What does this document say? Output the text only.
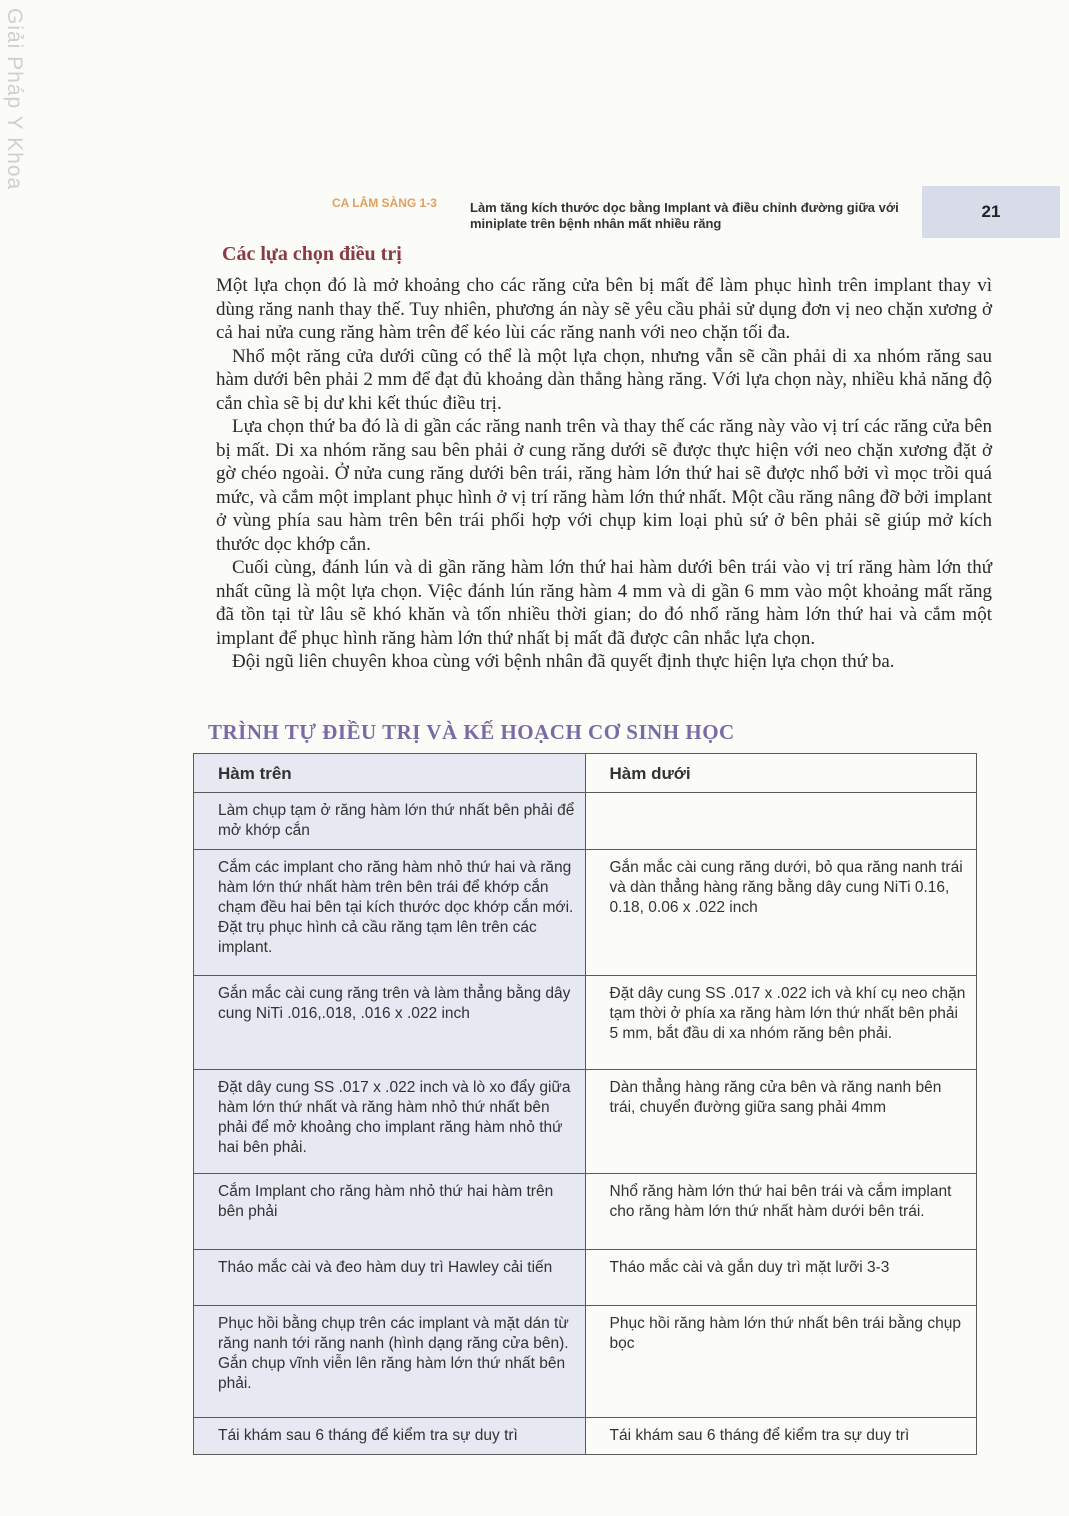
Giải Pháp Y Khoa
CA LÂM SÀNG 1-3	Làm tăng kích thước dọc bằng Implant và điều chỉnh đường giữa với miniplate trên bệnh nhân mất nhiều răng
21
Các lựa chọn điều trị

Một lựa chọn đó là mở khoảng cho các răng cửa bên bị mất để làm phục hình trên implant thay vì dùng răng nanh thay thế. Tuy nhiên, phương án này sẽ yêu cầu phải sử dụng đơn vị neo chặn xương ở cả hai nửa cung răng hàm trên để kéo lùi các răng nanh với neo chặn tối đa.

Nhổ một răng cửa dưới cũng có thể là một lựa chọn, nhưng vẫn sẽ cần phải di xa nhóm răng sau hàm dưới bên phải 2 mm để đạt đủ khoảng dàn thẳng hàng răng. Với lựa chọn này, nhiều khả năng độ cắn chìa sẽ bị dư khi kết thúc điều trị.

Lựa chọn thứ ba đó là di gần các răng nanh trên và thay thế các răng này vào vị trí các răng cửa bên bị mất. Di xa nhóm răng sau bên phải ở cung răng dưới sẽ được thực hiện với neo chặn xương đặt ở gờ chéo ngoài. Ở nửa cung răng dưới bên trái, răng hàm lớn thứ hai sẽ được nhổ bởi vì mọc trồi quá mức, và cắm một implant phục hình ở vị trí răng hàm lớn thứ nhất. Một cầu răng nâng đỡ bởi implant ở vùng phía sau hàm trên bên trái phối hợp với chụp kim loại phủ sứ ở bên phải sẽ giúp mở kích thước dọc khớp cắn.

Cuối cùng, đánh lún và di gần răng hàm lớn thứ hai hàm dưới bên trái vào vị trí răng hàm lớn thứ nhất cũng là một lựa chọn. Việc đánh lún răng hàm 4 mm và di gần 6 mm vào một khoảng mất răng đã tồn tại từ lâu sẽ khó khăn và tốn nhiều thời gian; do đó nhổ răng hàm lớn thứ hai và cắm một implant để phục hình răng hàm lớn thứ nhất bị mất đã được cân nhắc lựa chọn.

Đội ngũ liên chuyên khoa cùng với bệnh nhân đã quyết định thực hiện lựa chọn thứ ba.

TRÌNH TỰ ĐIỀU TRỊ VÀ KẾ HOẠCH CƠ SINH HỌC
Hàm trên	Hàm dưới
Làm chụp tạm ở răng hàm lớn thứ nhất bên phải để mở khớp cắn	
Cắm các implant cho răng hàm nhỏ thứ hai và răng hàm lớn thứ nhất hàm trên bên trái để khớp cắn chạm đều hai bên tại kích thước dọc khớp cắn mới. Đặt trụ phục hình cả cầu răng tạm lên trên các implant.	Gắn mắc cài cung răng dưới, bỏ qua răng nanh trái và dàn thẳng hàng răng bằng dây cung NiTi 0.16, 0.18, 0.06 x .022 inch
Gắn mắc cài cung răng trên và làm thẳng bằng dây cung NiTi .016,.018, .016 x .022 inch	Đặt dây cung SS .017 x .022 ich và khí cụ neo chặn tạm thời ở phía xa răng hàm lớn thứ nhất bên phải 5 mm, bắt đầu di xa nhóm răng bên phải.
Đặt dây cung SS .017 x .022 inch và lò xo đẩy giữa hàm lớn thứ nhất và răng hàm nhỏ thứ nhất bên phải để mở khoảng cho implant răng hàm nhỏ thứ hai bên phải.	Dàn thẳng hàng răng cửa bên và răng nanh bên trái, chuyển đường giữa sang phải 4mm
Cắm Implant cho răng hàm nhỏ thứ hai hàm trên bên phải	Nhổ răng hàm lớn thứ hai bên trái và cắm implant cho răng hàm lớn thứ nhất hàm dưới bên trái.
Tháo mắc cài và đeo hàm duy trì Hawley cải tiến	Tháo mắc cài và gắn duy trì mặt lưỡi 3-3
Phục hồi bằng chụp trên các implant và mặt dán từ răng nanh tới răng nanh (hình dạng răng cửa bên). Gắn chụp vĩnh viễn lên răng hàm lớn thứ nhất bên phải.	Phục hồi răng hàm lớn thứ nhất bên trái bằng chụp bọc
Tái khám sau 6 tháng để kiểm tra sự duy trì	Tái khám sau 6 tháng để kiểm tra sự duy trì
